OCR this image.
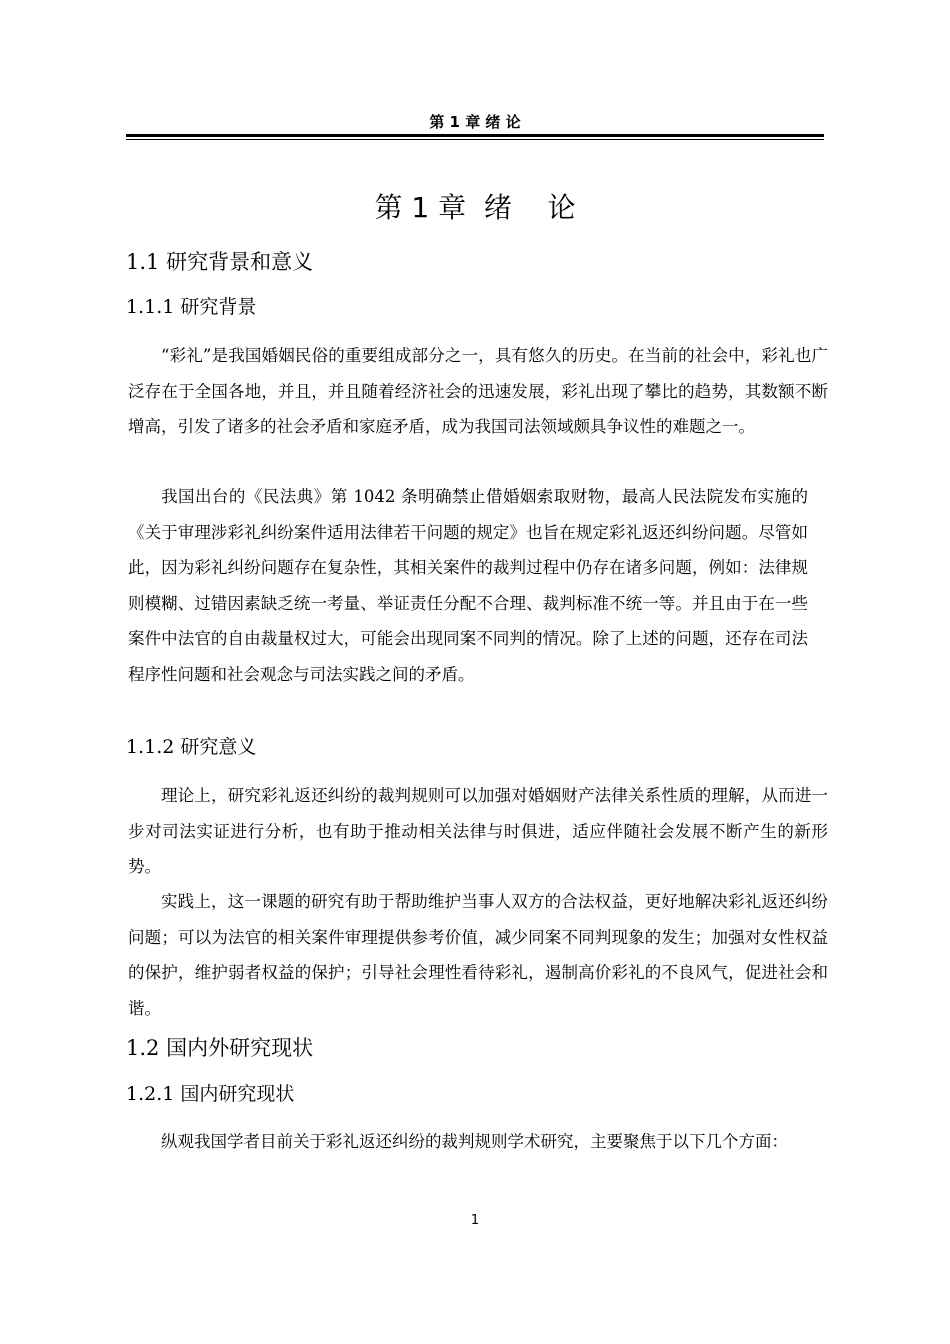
第 1 章 绪 论
第 1 章  绪    论
1.1 研究背景和意义
1.1.1 研究背景

“彩礼”是我国婚姻民俗的重要组成部分之一，具有悠久的历史。在当前的社会中，彩礼也广泛存在于全国各地，并且，并且随着经济社会的迅速发展，彩礼出现了攀比的趋势，其数额不断增高，引发了诸多的社会矛盾和家庭矛盾，成为我国司法领域颇具争议性的难题之一。

我国出台的《民法典》第 1042 条明确禁止借婚姻索取财物，最高人民法院发布实施的《关于审理涉彩礼纠纷案件适用法律若干问题的规定》也旨在规定彩礼返还纠纷问题。尽管如此，因为彩礼纠纷问题存在复杂性，其相关案件的裁判过程中仍存在诸多问题，例如：法律规则模糊、过错因素缺乏统一考量、举证责任分配不合理、裁判标准不统一等。并且由于在一些案件中法官的自由裁量权过大，可能会出现同案不同判的情况。除了上述的问题，还存在司法程序性问题和社会观念与司法实践之间的矛盾。

1.1.2 研究意义

理论上，研究彩礼返还纠纷的裁判规则可以加强对婚姻财产法律关系性质的理解，从而进一步对司法实证进行分析，也有助于推动相关法律与时俱进，适应伴随社会发展不断产生的新形势。

实践上，这一课题的研究有助于帮助维护当事人双方的合法权益，更好地解决彩礼返还纠纷问题；可以为法官的相关案件审理提供参考价值，减少同案不同判现象的发生；加强对女性权益的保护，维护弱者权益的保护；引导社会理性看待彩礼，遏制高价彩礼的不良风气，促进社会和谐。

1.2 国内外研究现状
1.2.1 国内研究现状

纵观我国学者目前关于彩礼返还纠纷的裁判规则学术研究，主要聚焦于以下几个方面：

1
